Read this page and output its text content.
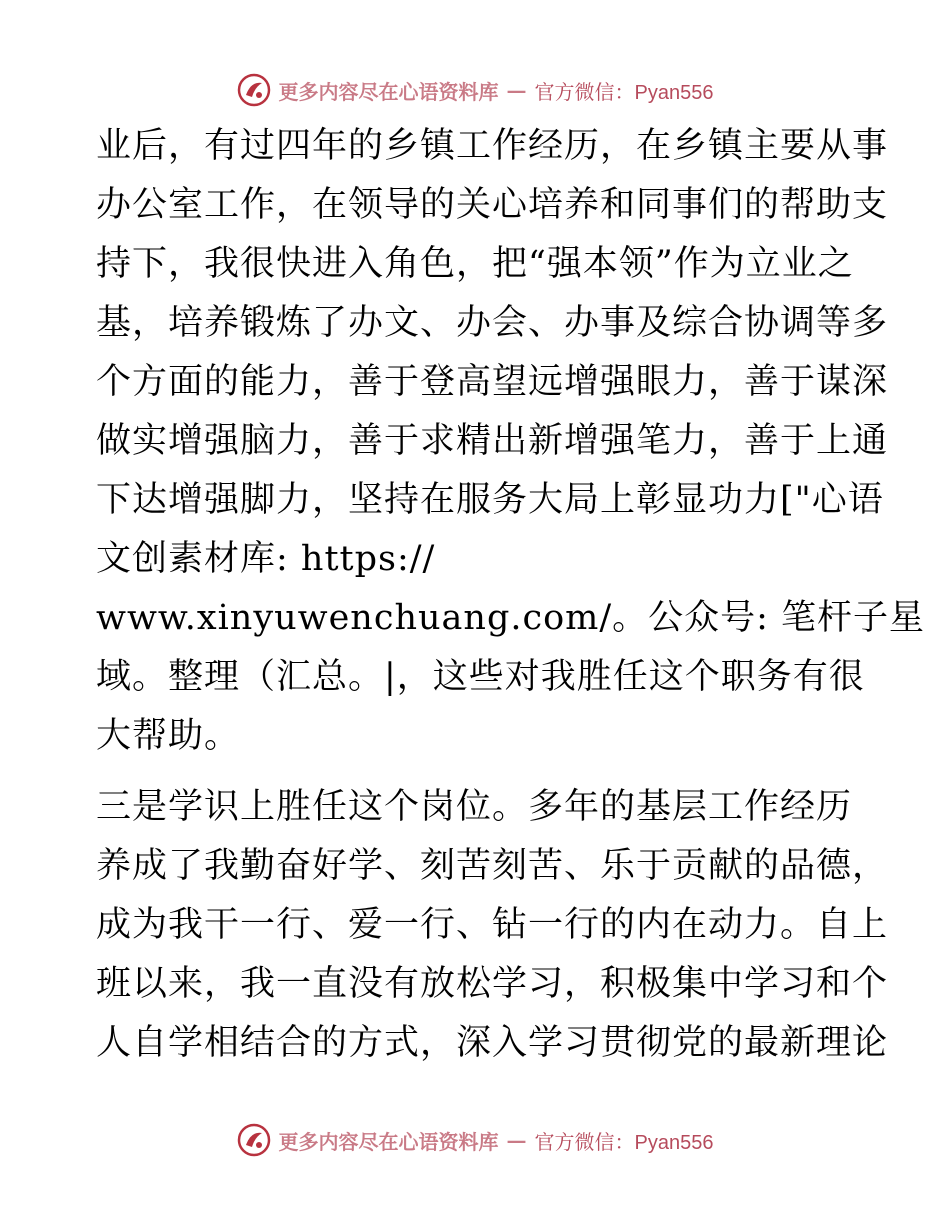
更多内容尽在心语资料库 — 官方微信：Pyan556
业后，有过四年的乡镇工作经历，在乡镇主要从事
办公室工作，在领导的关心培养和同事们的帮助支
持下，我很快进入角色，把“强本领”作为立业之
基，培养锻炼了办文、办会、办事及综合协调等多
个方面的能力，善于登高望远增强眼力，善于谋深
做实增强脑力，善于求精出新增强笔力，善于上通
下达增强脚力，坚持在服务大局上彰显功力["心语
文创素材库: https://
www.xinyuwenchuang.com/。公众号: 笔杆子星
域。整理（汇总。|，这些对我胜任这个职务有很
大帮助。
三是学识上胜任这个岗位。多年的基层工作经历
养成了我勤奋好学、刻苦刻苦、乐于贡献的品德，
成为我干一行、爱一行、钻一行的内在动力。自上
班以来，我一直没有放松学习，积极集中学习和个
人自学相结合的方式，深入学习贯彻党的最新理论
更多内容尽在心语资料库 — 官方微信：Pyan556
